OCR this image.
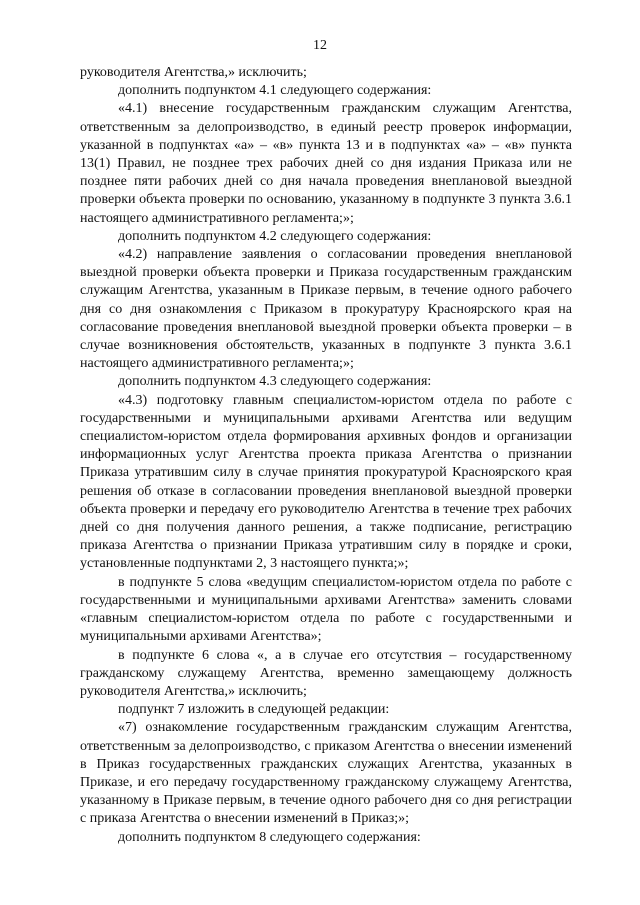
12

руководителя Агентства,» исключить;

дополнить подпунктом 4.1 следующего содержания:

«4.1) внесение государственным гражданским служащим Агентства, ответственным за делопроизводство, в единый реестр проверок информации, указанной в подпунктах «а» – «в» пункта 13 и в подпунктах «а» – «в» пункта 13(1) Правил, не позднее трех рабочих дней со дня издания Приказа или не позднее пяти рабочих дней со дня начала проведения внеплановой выездной проверки объекта проверки по основанию, указанному в подпункте 3 пункта 3.6.1 настоящего административного регламента;»;

дополнить подпунктом 4.2 следующего содержания:

«4.2) направление заявления о согласовании проведения внеплановой выездной проверки объекта проверки и Приказа государственным гражданским служащим Агентства, указанным в Приказе первым, в течение одного рабочего дня со дня ознакомления с Приказом в прокуратуру Красноярского края на согласование проведения внеплановой выездной проверки объекта проверки – в случае возникновения обстоятельств, указанных в подпункте 3 пункта 3.6.1 настоящего административного регламента;»;

дополнить подпунктом 4.3 следующего содержания:

«4.3) подготовку главным специалистом-юристом отдела по работе с государственными и муниципальными архивами Агентства или ведущим специалистом-юристом отдела формирования архивных фондов и организации информационных услуг Агентства проекта приказа Агентства о признании Приказа утратившим силу в случае принятия прокуратурой Красноярского края решения об отказе в согласовании проведения внеплановой выездной проверки объекта проверки и передачу его руководителю Агентства в течение трех рабочих дней со дня получения данного решения, а также подписание, регистрацию приказа Агентства о признании Приказа утратившим силу в порядке и сроки, установленные подпунктами 2, 3 настоящего пункта;»;

в подпункте 5 слова «ведущим специалистом-юристом отдела по работе с государственными и муниципальными архивами Агентства» заменить словами «главным специалистом-юристом отдела по работе с государственными и муниципальными архивами Агентства»;

в подпункте 6 слова «, а в случае его отсутствия – государственному гражданскому служащему Агентства, временно замещающему должность руководителя Агентства,» исключить;

подпункт 7 изложить в следующей редакции:

«7) ознакомление государственным гражданским служащим Агентства, ответственным за делопроизводство, с приказом Агентства о внесении изменений в Приказ государственных гражданских служащих Агентства, указанных в Приказе, и его передачу государственному гражданскому служащему Агентства, указанному в Приказе первым, в течение одного рабочего дня со дня регистрации с приказа Агентства о внесении изменений в Приказ;»;

дополнить подпунктом 8 следующего содержания:
